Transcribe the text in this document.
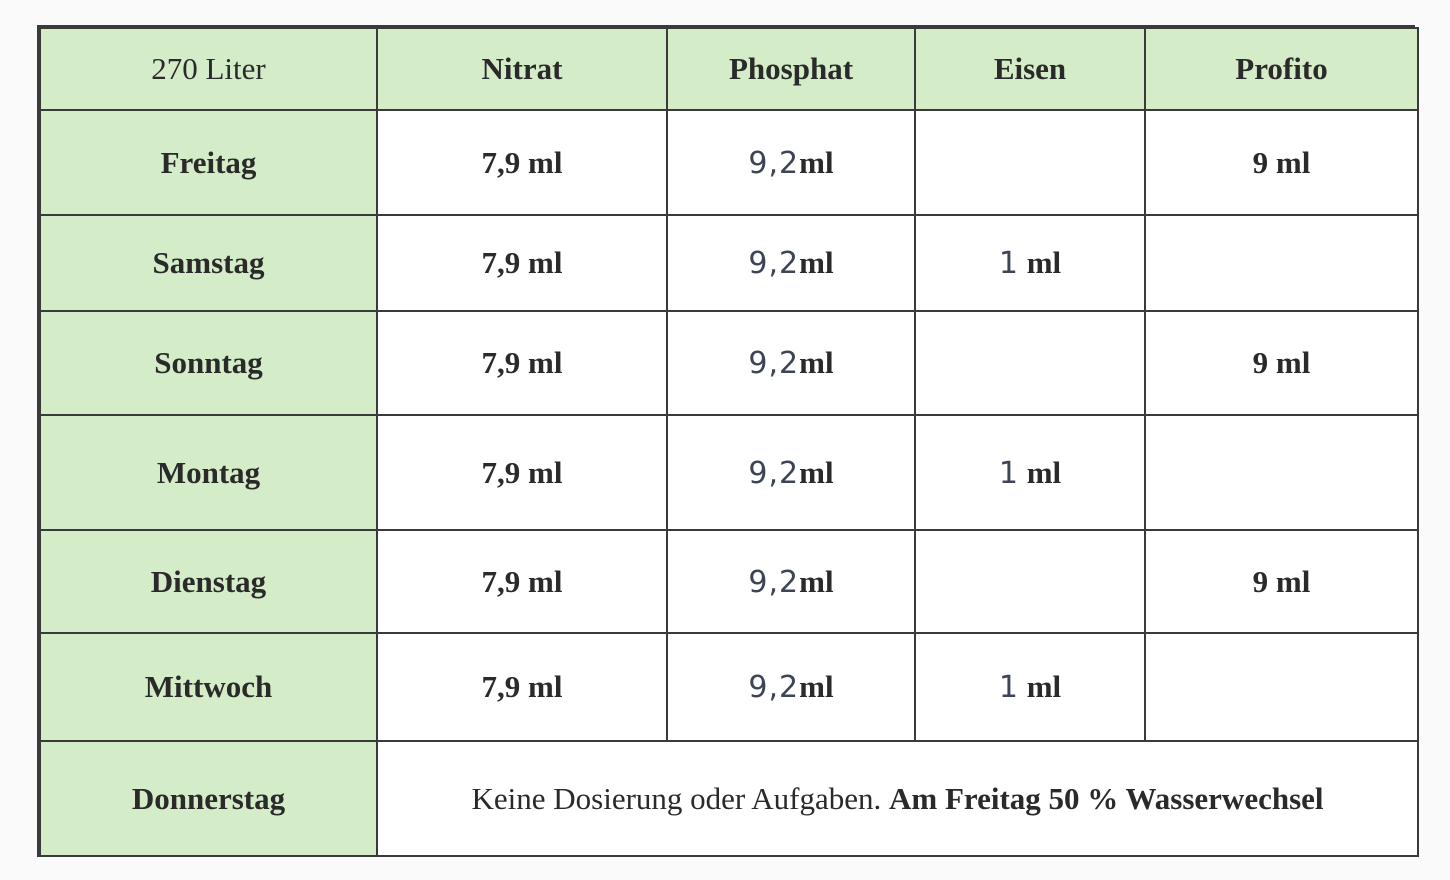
270 Liter	Nitrat	Phosphat	Eisen	Profito
Freitag	7,9 ml	9,2ml		9 ml
Samstag	7,9 ml	9,2ml	1 ml	
Sonntag	7,9 ml	9,2ml		9 ml
Montag	7,9 ml	9,2ml	1 ml	
Dienstag	7,9 ml	9,2ml		9 ml
Mittwoch	7,9 ml	9,2ml	1 ml	
Donnerstag	Keine Dosierung oder Aufgaben. Am Freitag 50 % Wasserwechsel			
